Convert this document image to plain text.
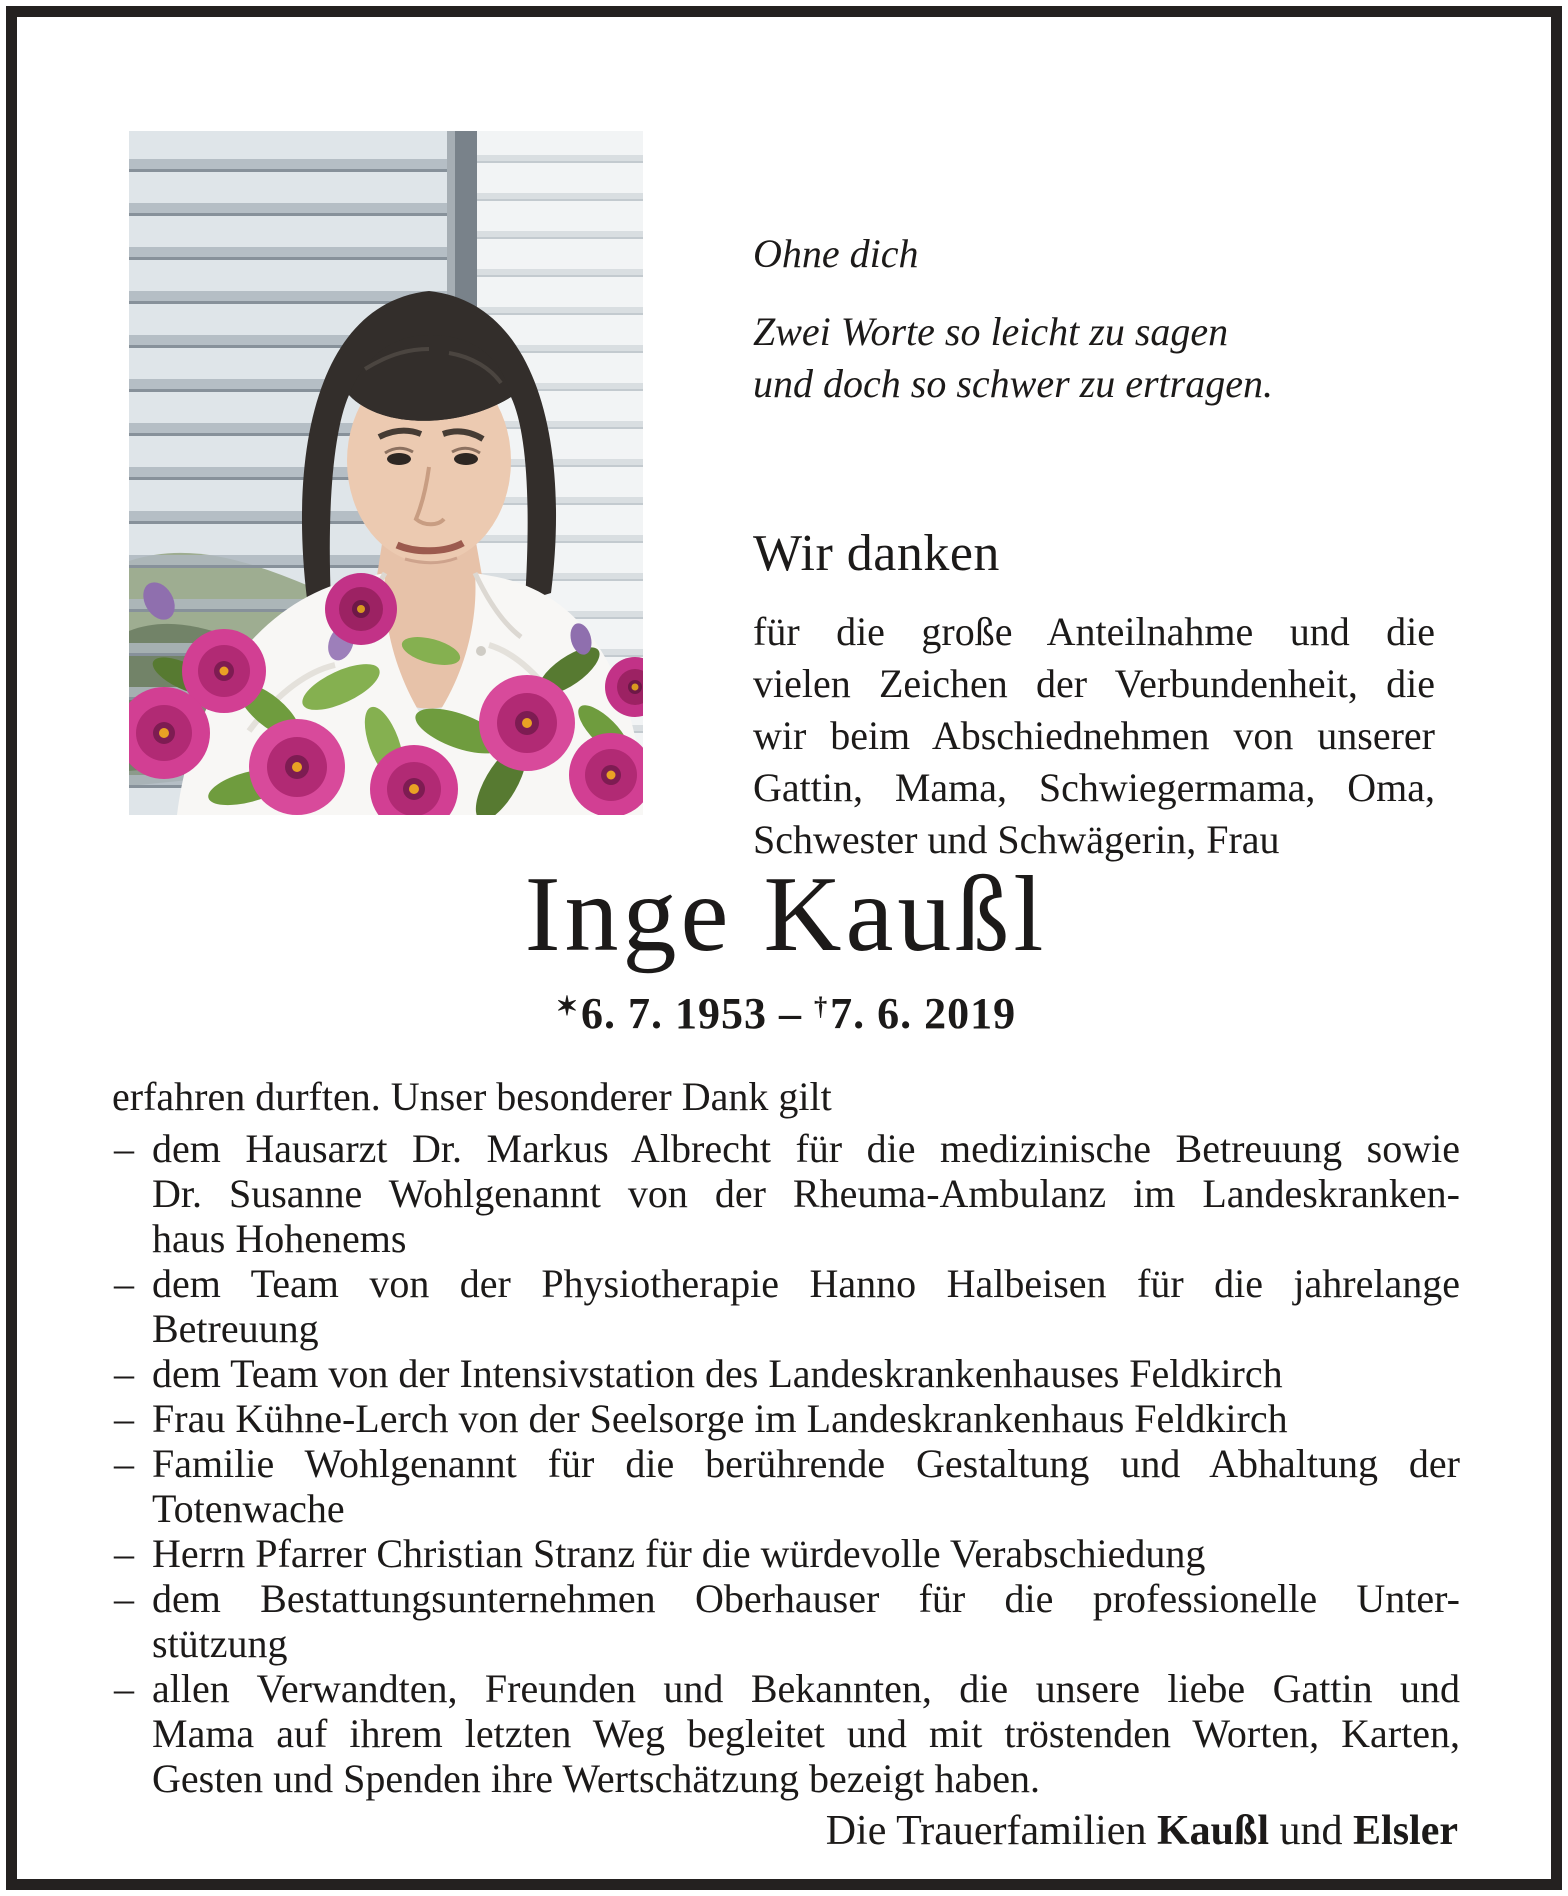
Ohne dich
Zwei Worte so leicht zu sagen
und doch so schwer zu ertragen.
Wir danken
für die große Anteilnahme und die
vielen Zeichen der Verbundenheit, die
wir beim Abschiednehmen von unserer
Gattin, Mama, Schwiegermama, Oma,
Schwester und Schwägerin, Frau
Inge Kaußl
✶6. 7. 1953 – †7. 6. 2019
erfahren durften. Unser besonderer Dank gilt
– dem Hausarzt Dr. Markus Albrecht für die medizinische Betreuung sowie
Dr. Susanne Wohlgenannt von der Rheuma-Ambulanz im Landeskranken-
haus Hohenems
– dem Team von der Physiotherapie Hanno Halbeisen für die jahrelange
Betreuung
– dem Team von der Intensivstation des Landeskrankenhauses Feldkirch
– Frau Kühne-Lerch von der Seelsorge im Landeskrankenhaus Feldkirch
– Familie Wohlgenannt für die berührende Gestaltung und Abhaltung der
Totenwache
– Herrn Pfarrer Christian Stranz für die würdevolle Verabschiedung
– dem Bestattungsunternehmen Oberhauser für die professionelle Unter-
stützung
– allen Verwandten, Freunden und Bekannten, die unsere liebe Gattin und
Mama auf ihrem letzten Weg begleitet und mit tröstenden Worten, Karten,
Gesten und Spenden ihre Wertschätzung bezeigt haben.
Die Trauerfamilien Kaußl und Elsler
